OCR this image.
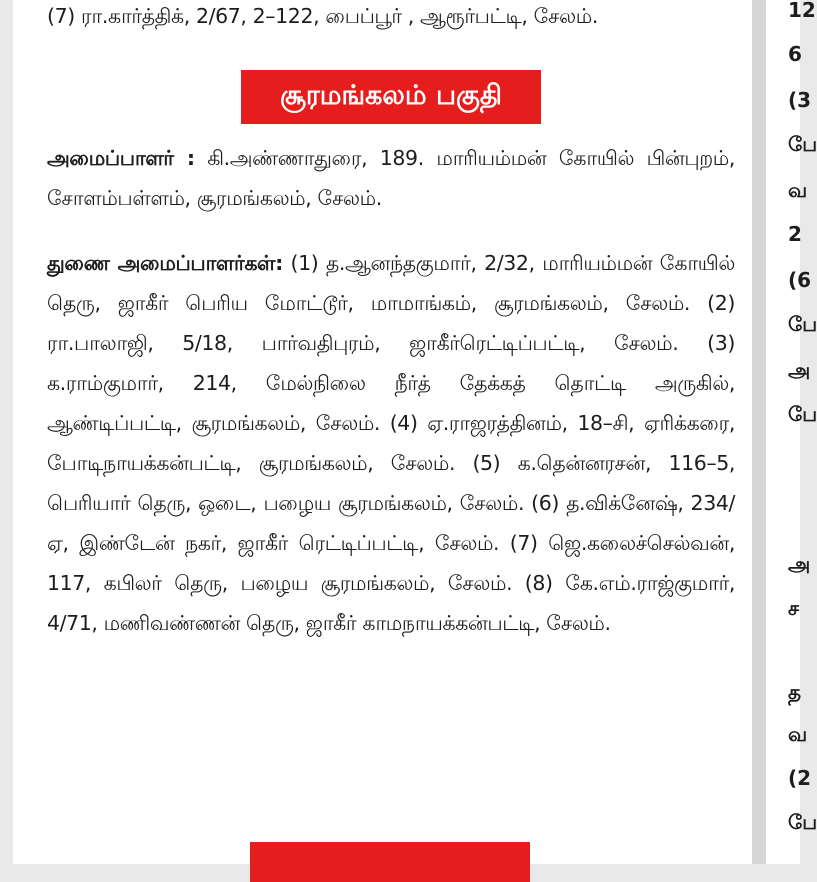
(7) ரா.கார்த்திக், 2/67, 2–122, பைப்பூர் , ஆரூர்பட்டி, சேலம்.
சூரமங்கலம் பகுதி
அமைப்பாளர் : கி.அண்ணாதுரை, 189. மாரியம்மன் கோயில் பின்புறம், சோளம்பள்ளம், சூரமங்கலம், சேலம்.
துணை அமைப்பாளர்கள்: (1) த.ஆனந்தகுமார், 2/32, மாரியம்மன் கோயில் தெரு, ஜாகீர் பெரிய மோட்டூர், மாமாங்கம், சூரமங்கலம், சேலம். (2) ரா.பாலாஜி, 5/18, பார்வதிபுரம், ஜாகீர்ரெட்டிப்பட்டி, சேலம். (3) க.ராம்குமார், 214, மேல்நிலை நீர்த் தேக்கத் தொட்டி அருகில், ஆண்டிப்பட்டி, சூரமங்கலம், சேலம். (4) ஏ.ராஜரத்தினம், 18–சி, ஏரிக்கரை, போடிநாயக்கன்பட்டி, சூரமங்கலம், சேலம். (5) க.தென்னரசன், 116–5, பெரியார் தெரு, ஒடை, பழைய சூரமங்கலம், சேலம். (6) த.விக்னேஷ், 234/ஏ, இண்டேன் நகர், ஜாகீர் ரெட்டிப்பட்டி, சேலம். (7) ஜெ.கலைச்செல்வன், 117, கபிலர் தெரு, பழைய சூரமங்கலம், சேலம். (8) கே.எம்.ராஜ்குமார், 4/71, மணிவண்ணன் தெரு, ஜாகீர் காமநாயக்கன்பட்டி, சேலம்.
12
6
(3
பே
வ
2
(6
பே
அ
பே
அ
ச
த
வ
(2
பே
